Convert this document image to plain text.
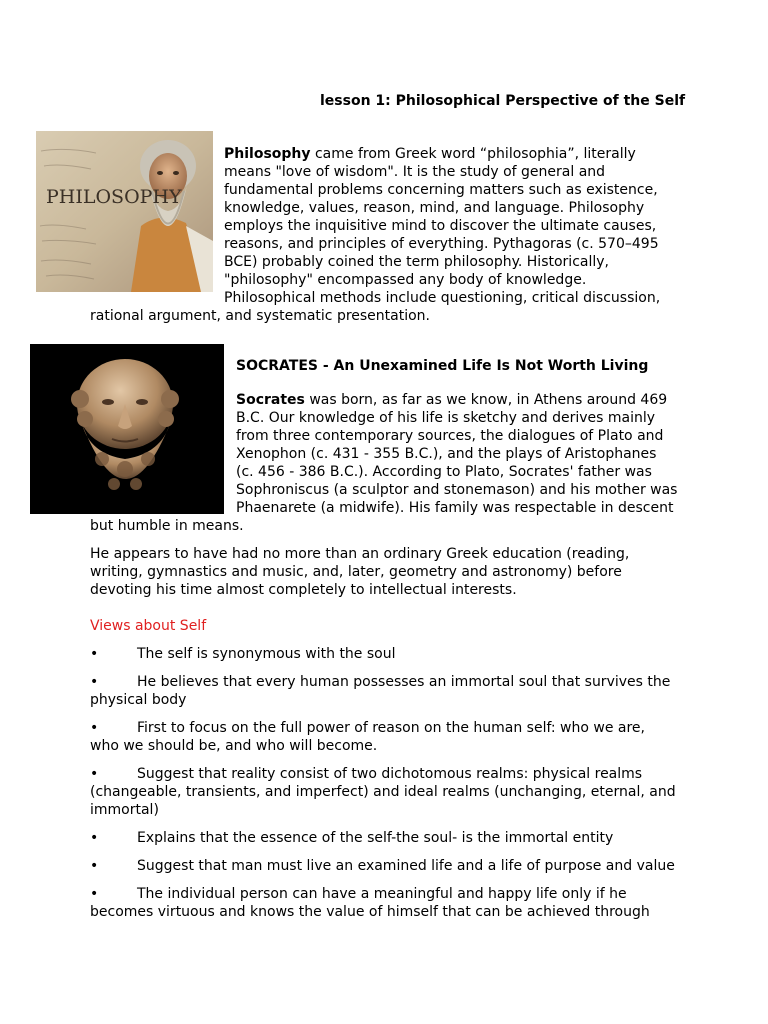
lesson 1: Philosophical Perspective of the Self
PHILOSOPHY

Philosophy came from Greek word “philosophia”, literally means "love of wisdom". It is the study of general and fundamental problems concerning matters such as existence, knowledge, values, reason, mind, and language. Philosophy employs the inquisitive mind to discover the ultimate causes, reasons, and principles of everything. Pythagoras (c. 570–495 BCE) probably coined the term philosophy. Historically, "philosophy" encompassed any body of knowledge. Philosophical methods include questioning, critical discussion, rational argument, and systematic presentation.

SOCRATES - An Unexamined Life Is Not Worth Living

Socrates was born, as far as we know, in Athens around 469 B.C. Our knowledge of his life is sketchy and derives mainly from three contemporary sources, the dialogues of Plato and Xenophon (c. 431 - 355 B.C.), and the plays of Aristophanes (c. 456 - 386 B.C.). According to Plato, Socrates' father was Sophroniscus (a sculptor and stonemason) and his mother was Phaenarete (a midwife). His family was respectable in descent but humble in means.

He appears to have had no more than an ordinary Greek education (reading, writing, gymnastics and music, and, later, geometry and astronomy) before devoting his time almost completely to intellectual interests.

Views about Self

•	The self is synonymous with the soul
•	He believes that every human possesses an immortal soul that survives the physical body
•	First to focus on the full power of reason on the human self: who we are, who we should be, and who will become.
•	Suggest that reality consist of two dichotomous realms: physical realms (changeable, transients, and imperfect) and ideal realms (unchanging, eternal, and immortal)
•	Explains that the essence of the self-the soul- is the immortal entity
•	Suggest that man must live an examined life and a life of purpose and value
•	The individual person can have a meaningful and happy life only if he becomes virtuous and knows the value of himself that can be achieved through
